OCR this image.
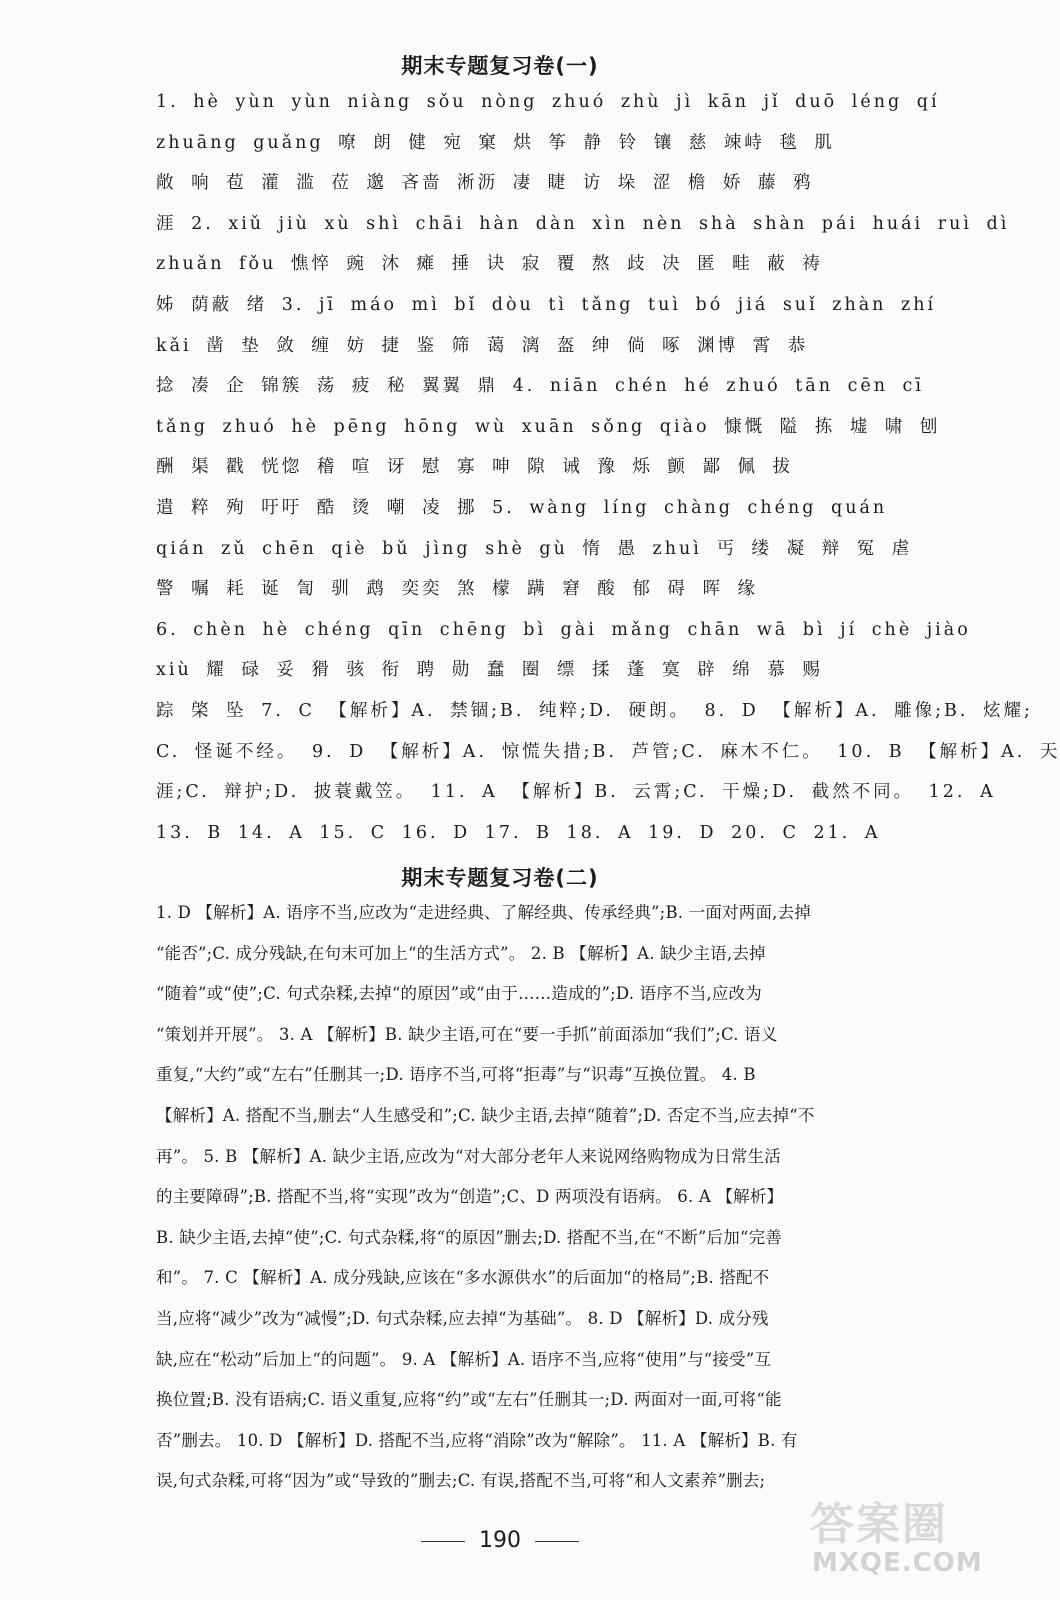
期末专题复习卷(一)
1. hè yùn yùn niàng sǒu nòng zhuó zhù jì kān jǐ duō léng qí
zhuāng guǎng 嘹 朗 健 宛 窠 烘 筝 静 铃 镶 慈 竦峙 毯 肌
敞 响 苞 灌 滥 莅 邈 吝啬 淅沥 凄 睫 访 垛 涩 檐 娇 藤 鸦
涯 2. xiǔ jiù xù shì chāi hàn dàn xìn nèn shà shàn pái huái ruì dì
zhuǎn fǒu 憔悴 豌 沐 瘫 捶 诀 寂 覆 熬 歧 决 匿 畦 蔽 祷
姊 荫蔽 绪 3. jī máo mì bǐ dòu tì tǎng tuì bó jiá suǐ zhàn zhí
kǎi 凿 垫 敛 缠 妨 捷 鉴 筛 蔼 漓 盔 绅 倘 啄 渊博 霄 恭
捻 凑 企 锦簇 荡 疲 秘 翼翼 鼎 4. niān chén hé zhuó tān cēn cī
tǎng zhuó hè pēng hōng wù xuān sǒng qiào 慷慨 隘 拣 墟 啸 刨
酬 渠 戳 恍惚 稽 喧 讶 慰 寡 呻 隙 诫 豫 烁 颤 鄙 佩 拔
遣 粹 殉 吁吁 酷 烫 嘲 凌 挪 5. wàng líng chàng chéng quán
qián zǔ chēn qiè bǔ jìng shè gù 惰 愚 zhuì 丐 缕 凝 辩 冤 虐
警 嘱 耗 诞 訇 驯 鹉 奕奕 煞 檬 蹒 窘 酸 郁 碍 晖 缘
6. chèn hè chéng qīn chēng bì gài mǎng chān wā bì jí chè jiào
xiù 耀 碌 妥 猾 骇 衔 聘 勋 蠢 圈 缥 揉 蓬 寞 辟 绵 慕 赐
踪 棨 坠 7. C 【解析】A. 禁锢;B. 纯粹;D. 硬朗。 8. D 【解析】A. 雕像;B. 炫耀;
C. 怪诞不经。 9. D 【解析】A. 惊慌失措;B. 芦管;C. 麻木不仁。 10. B 【解析】A. 天
涯;C. 辩护;D. 披蓑戴笠。 11. A 【解析】B. 云霄;C. 干燥;D. 截然不同。 12. A
13. B 14. A 15. C 16. D 17. B 18. A 19. D 20. C 21. A
期末专题复习卷(二)
1. D 【解析】A. 语序不当,应改为“走进经典、了解经典、传承经典”;B. 一面对两面,去掉
“能否”;C. 成分残缺,在句末可加上“的生活方式”。 2. B 【解析】A. 缺少主语,去掉
“随着”或“使”;C. 句式杂糅,去掉“的原因”或“由于……造成的”;D. 语序不当,应改为
“策划并开展”。 3. A 【解析】B. 缺少主语,可在“要一手抓”前面添加“我们”;C. 语义
重复,“大约”或“左右”任删其一;D. 语序不当,可将“拒毒”与“识毒”互换位置。 4. B
【解析】A. 搭配不当,删去“人生感受和”;C. 缺少主语,去掉“随着”;D. 否定不当,应去掉“不
再”。 5. B 【解析】A. 缺少主语,应改为“对大部分老年人来说网络购物成为日常生活
的主要障碍”;B. 搭配不当,将“实现”改为“创造”;C、D 两项没有语病。 6. A 【解析】
B. 缺少主语,去掉“使”;C. 句式杂糅,将“的原因”删去;D. 搭配不当,在“不断”后加“完善
和”。 7. C 【解析】A. 成分残缺,应该在“多水源供水”的后面加“的格局”;B. 搭配不
当,应将“减少”改为“减慢”;D. 句式杂糅,应去掉“为基础”。 8. D 【解析】D. 成分残
缺,应在“松动”后加上“的问题”。 9. A 【解析】A. 语序不当,应将“使用”与“接受”互
换位置;B. 没有语病;C. 语义重复,应将“约”或“左右”任删其一;D. 两面对一面,可将“能
否”删去。 10. D 【解析】D. 搭配不当,应将“消除”改为“解除”。 11. A 【解析】B. 有
误,句式杂糅,可将“因为”或“导致的”删去;C. 有误,搭配不当,可将“和人文素养”删去;
190	答案圈
MXQE.COM
